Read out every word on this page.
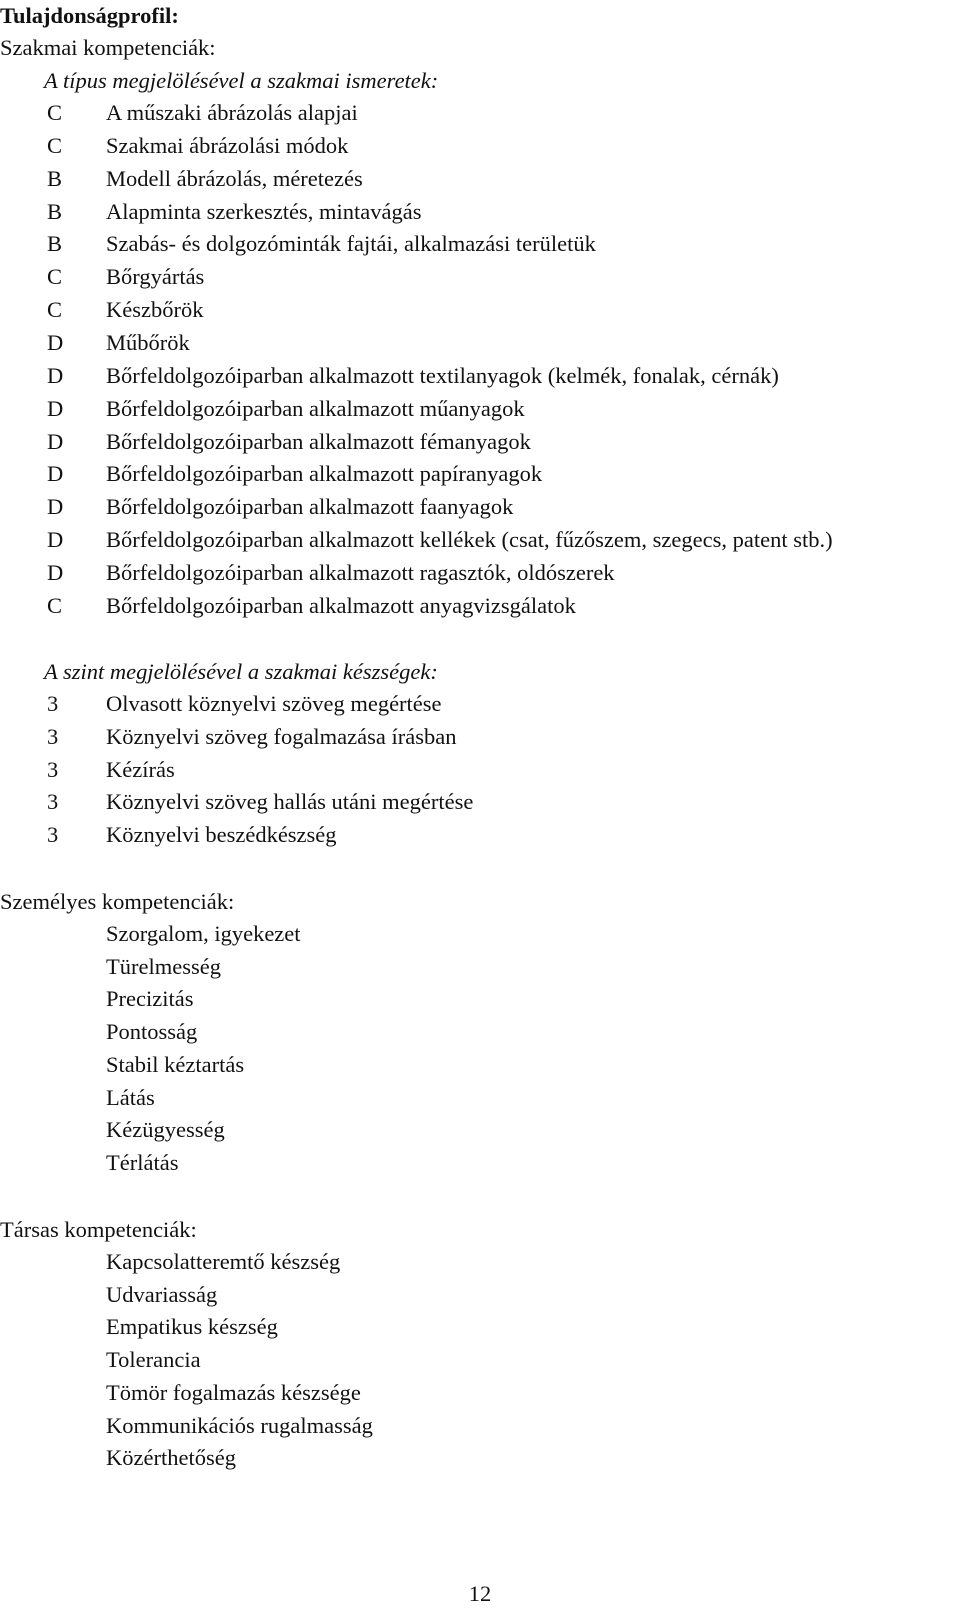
Tulajdonságprofil:
Szakmai kompetenciák:
A típus megjelölésével a szakmai ismeretek:
C	A műszaki ábrázolás alapjai
C	Szakmai ábrázolási módok
B	Modell ábrázolás, méretezés
B	Alapminta szerkesztés, mintavágás
B	Szabás- és dolgozóminták fajtái, alkalmazási területük
C	Bőrgyártás
C	Készbőrök
D	Műbőrök
D	Bőrfeldolgozóiparban alkalmazott textilanyagok (kelmék, fonalak, cérnák)
D	Bőrfeldolgozóiparban alkalmazott műanyagok
D	Bőrfeldolgozóiparban alkalmazott fémanyagok
D	Bőrfeldolgozóiparban alkalmazott papíranyagok
D	Bőrfeldolgozóiparban alkalmazott faanyagok
D	Bőrfeldolgozóiparban alkalmazott kellékek (csat, fűzőszem, szegecs, patent stb.)
D	Bőrfeldolgozóiparban alkalmazott ragasztók, oldószerek
C	Bőrfeldolgozóiparban alkalmazott anyagvizsgálatok
A szint megjelölésével a szakmai készségek:
3	Olvasott köznyelvi szöveg megértése
3	Köznyelvi szöveg fogalmazása írásban
3	Kézírás
3	Köznyelvi szöveg hallás utáni megértése
3	Köznyelvi beszédkészség
Személyes kompetenciák:
Szorgalom, igyekezet
Türelmesség
Precizitás
Pontosság
Stabil kéztartás
Látás
Kézügyesség
Térlátás
Társas kompetenciák:
Kapcsolatteremtő készség
Udvariasság
Empatikus készség
Tolerancia
Tömör fogalmazás készsége
Kommunikációs rugalmasság
Közérthetőség
12
